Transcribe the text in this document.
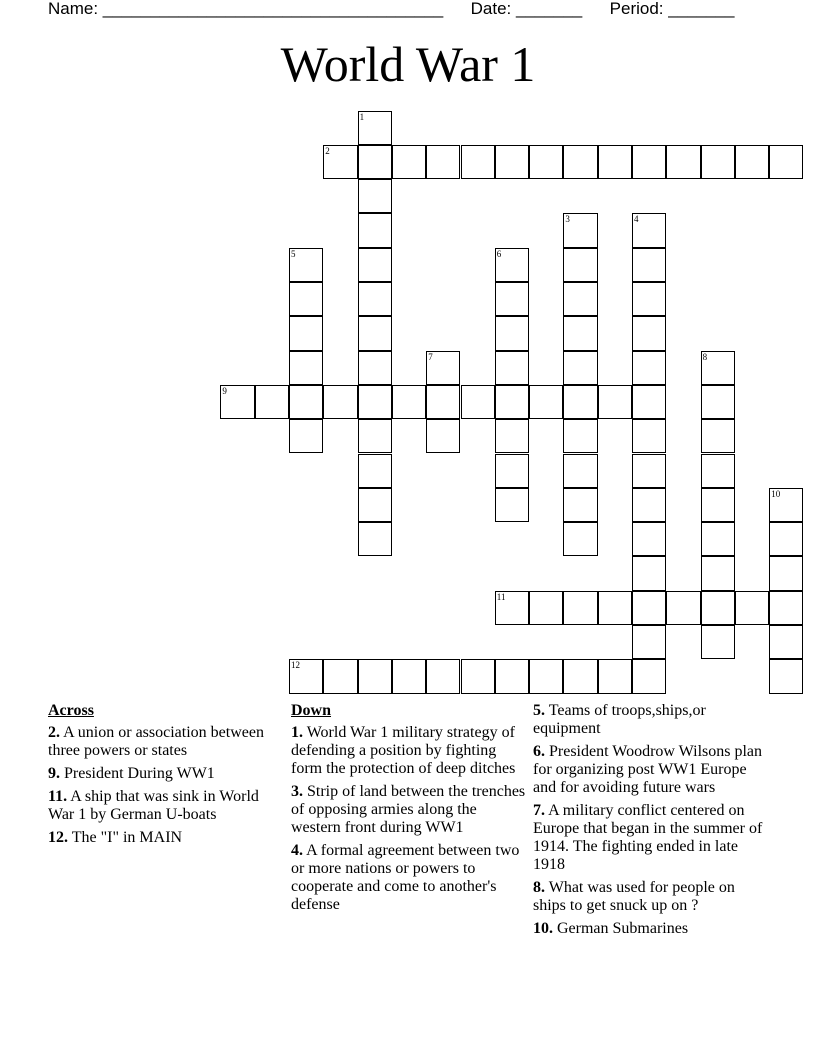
Name: ____________________________________ Date: _______ Period: _______
World War 1
1
2
3	4
5	6
7	8
9
10
11
12
Across
2. A union or association between three powers or states
9. President During WW1
11. A ship that was sink in World War 1 by German U-boats
12. The "I" in MAIN
Down
1. World War 1 military strategy of defending a position by fighting form the protection of deep ditches
3. Strip of land between the trenches of opposing armies along the western front during WW1
4. A formal agreement between two or more nations or powers to cooperate and come to another's defense
5. Teams of troops,ships,or equipment
6. President Woodrow Wilsons plan for organizing post WW1 Europe and for avoiding future wars
7. A military conflict centered on Europe that began in the summer of 1914. The fighting ended in late 1918
8. What was used for people on ships to get snuck up on ?
10. German Submarines
